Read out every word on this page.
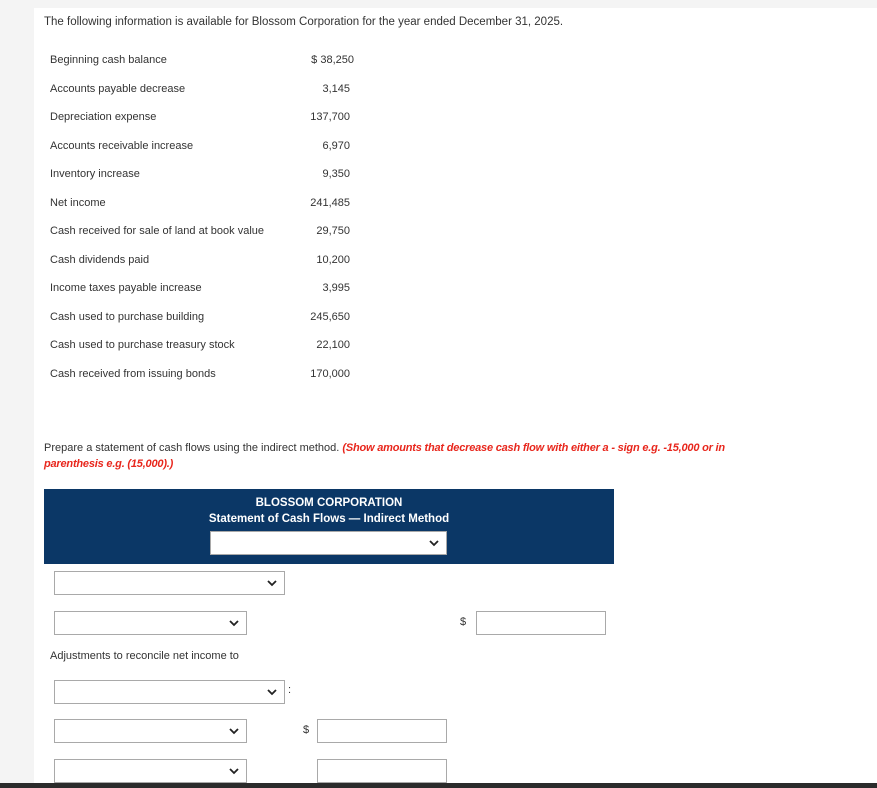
The following information is available for Blossom Corporation for the year ended December 31, 2025.
Beginning cash balance	$ 38,250
Accounts payable decrease	3,145
Depreciation expense	137,700
Accounts receivable increase	6,970
Inventory increase	9,350
Net income	241,485
Cash received for sale of land at book value	29,750
Cash dividends paid	10,200
Income taxes payable increase	3,995
Cash used to purchase building	245,650
Cash used to purchase treasury stock	22,100
Cash received from issuing bonds	170,000
Prepare a statement of cash flows using the indirect method. (Show amounts that decrease cash flow with either a - sign e.g. -15,000 or in parenthesis e.g. (15,000).)
BLOSSOM CORPORATION
Statement of Cash Flows — Indirect Method
$
Adjustments to reconcile net income to
:
$
